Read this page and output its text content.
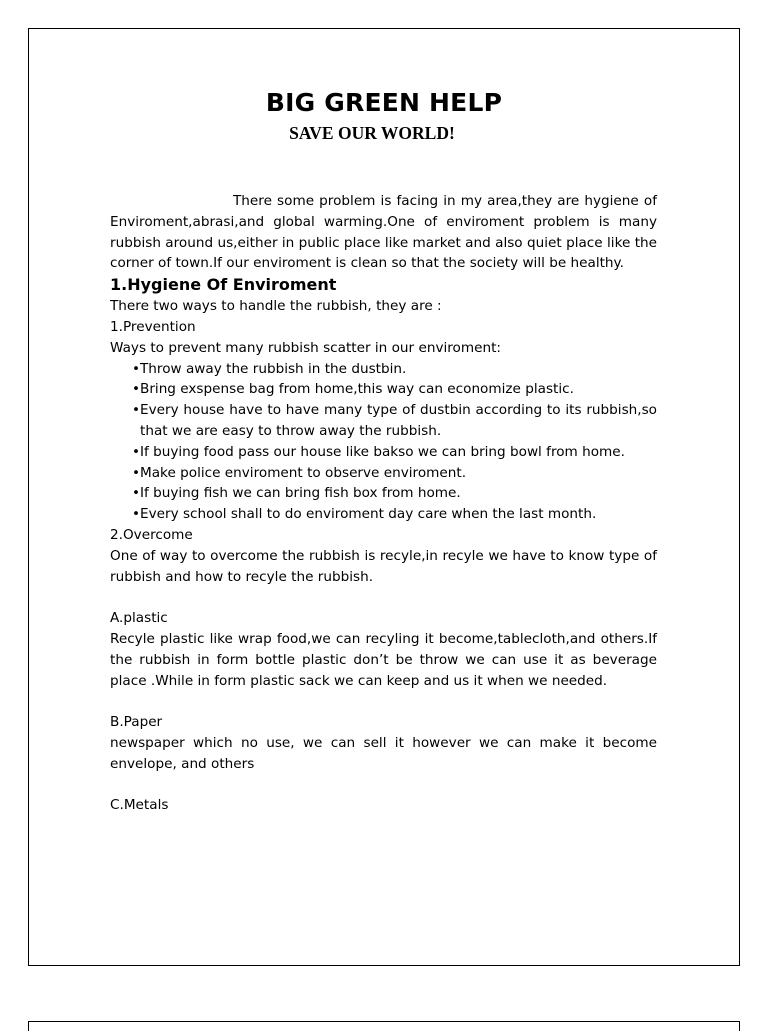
BIG GREEN HELP
SAVE OUR WORLD!

There some problem is facing in my area,they are hygiene of Enviroment,abrasi,and global warming.One of enviroment problem is many rubbish around us,either in public place like market and also quiet place like the corner of town.If our enviroment is clean so that the society will be healthy.

1.Hygiene Of Enviroment

There two ways to handle the rubbish, they are :

1.Prevention

Ways to prevent many rubbish scatter in our enviroment:

• Throw away the rubbish in the dustbin.
• Bring exspense bag from home,this way can economize plastic.
• Every house have to have many type of dustbin according to its rubbish,so that we are easy to throw away the rubbish.
• If buying food pass our house like bakso we can bring bowl from home.
• Make police enviroment to observe enviroment.
• If buying fish we can bring fish box from home.
• Every school shall to do enviroment day care when the last month.

2.Overcome

One of way to overcome the rubbish is recyle,in recyle we have to know type of rubbish and how to recyle the rubbish.

A.plastic

Recyle plastic like wrap food,we can recyling it become,tablecloth,and others.If the rubbish in form bottle plastic don’t be throw we can use it as beverage place .While in form plastic sack we can keep and us it when we needed.

B.Paper

newspaper which no use, we can sell it however we can make it become envelope, and others

C.Metals
